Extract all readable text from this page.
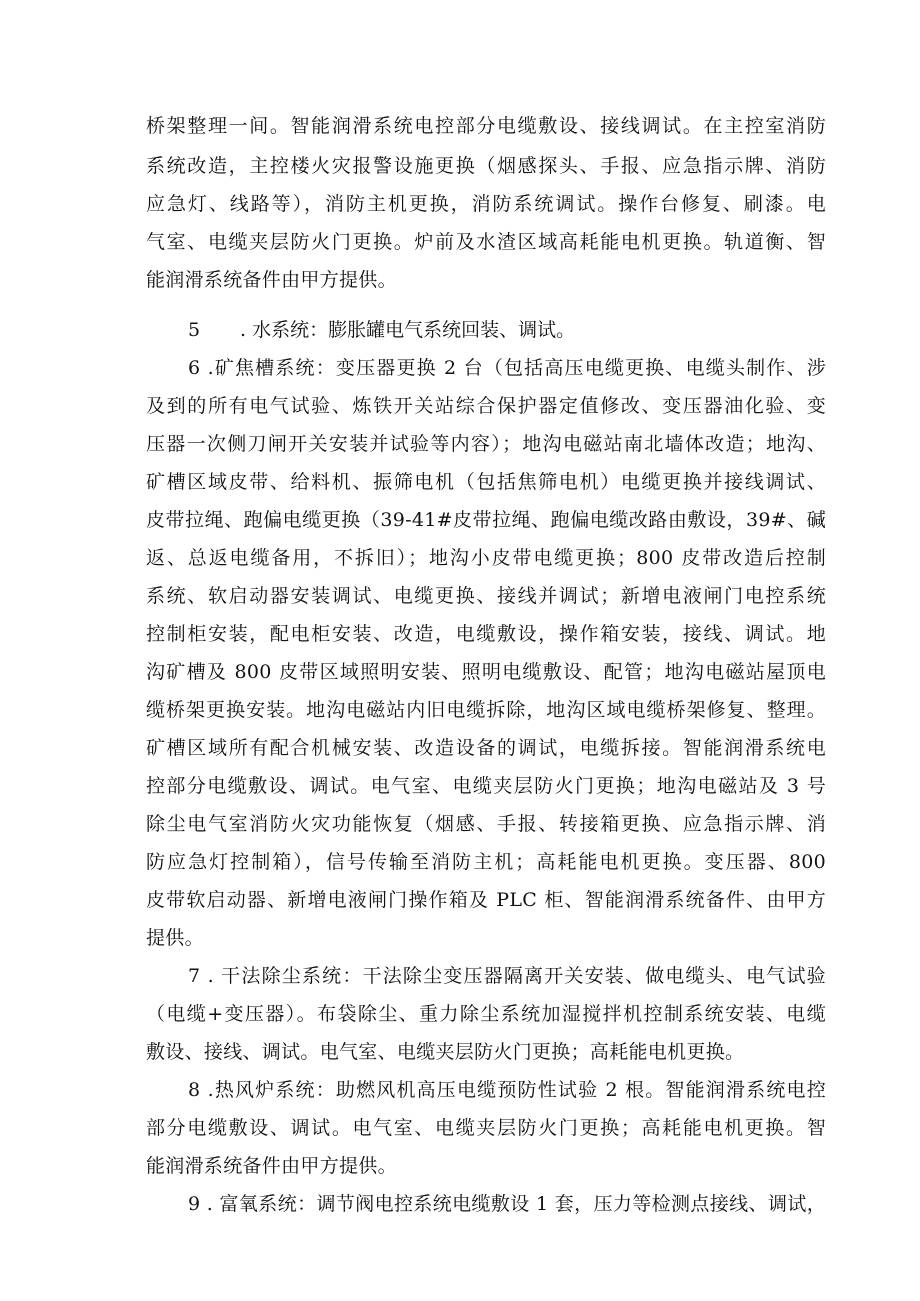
桥架整理一间。智能润滑系统电控部分电缆敷设、接线调试。在主控室消防
系统改造，主控楼火灾报警设施更换（烟感探头、手报、应急指示牌、消防
应急灯、线路等），消防主机更换，消防系统调试。操作台修复、刷漆。电
气室、电缆夹层防火门更换。炉前及水渣区域高耗能电机更换。轨道衡、智
能润滑系统备件由甲方提供。
5 . 水系统：膨胀罐电气系统回装、调试。
6 .矿焦槽系统：变压器更换 2 台（包括高压电缆更换、电缆头制作、涉
及到的所有电气试验、炼铁开关站综合保护器定值修改、变压器油化验、变
压器一次侧刀闸开关安装并试验等内容）；地沟电磁站南北墙体改造；地沟、
矿槽区域皮带、给料机、振筛电机（包括焦筛电机）电缆更换并接线调试、
皮带拉绳、跑偏电缆更换（39-41#皮带拉绳、跑偏电缆改路由敷设，39#、碱
返、总返电缆备用，不拆旧）；地沟小皮带电缆更换；800 皮带改造后控制
系统、软启动器安装调试、电缆更换、接线并调试；新增电液闸门电控系统
控制柜安装，配电柜安装、改造，电缆敷设，操作箱安装，接线、调试。地
沟矿槽及 800 皮带区域照明安装、照明电缆敷设、配管；地沟电磁站屋顶电
缆桥架更换安装。地沟电磁站内旧电缆拆除，地沟区域电缆桥架修复、整理。
矿槽区域所有配合机械安装、改造设备的调试，电缆拆接。智能润滑系统电
控部分电缆敷设、调试。电气室、电缆夹层防火门更换；地沟电磁站及 3 号
除尘电气室消防火灾功能恢复（烟感、手报、转接箱更换、应急指示牌、消
防应急灯控制箱），信号传输至消防主机；高耗能电机更换。变压器、800
皮带软启动器、新增电液闸门操作箱及 PLC 柜、智能润滑系统备件、由甲方
提供。
7 . 干法除尘系统：干法除尘变压器隔离开关安装、做电缆头、电气试验
（电缆+变压器）。布袋除尘、重力除尘系统加湿搅拌机控制系统安装、电缆
敷设、接线、调试。电气室、电缆夹层防火门更换；高耗能电机更换。
8 .热风炉系统：助燃风机高压电缆预防性试验 2 根。智能润滑系统电控
部分电缆敷设、调试。电气室、电缆夹层防火门更换；高耗能电机更换。智
能润滑系统备件由甲方提供。
9 . 富氧系统：调节阀电控系统电缆敷设 1 套，压力等检测点接线、调试，
